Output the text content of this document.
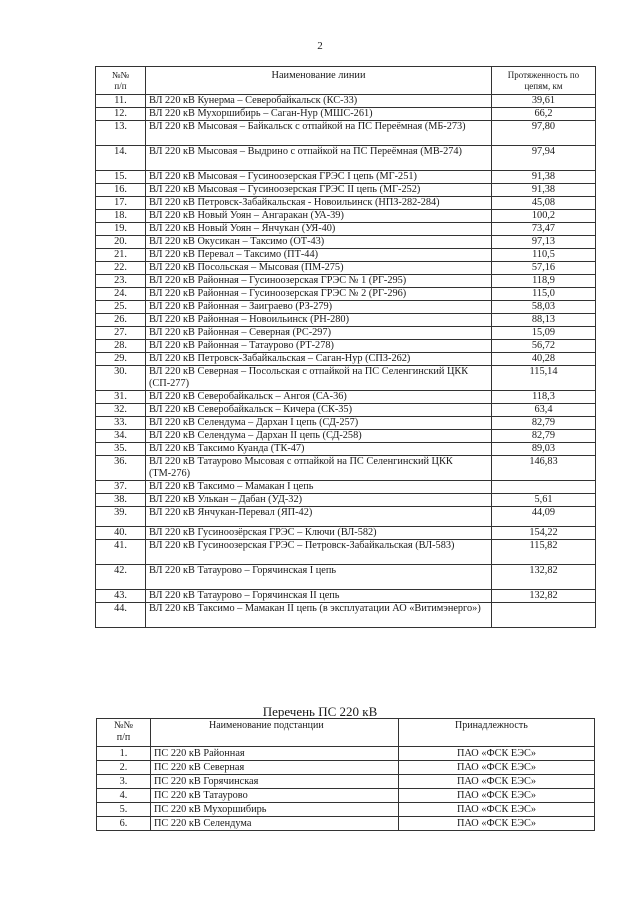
2
№№
п/п	Наименование линии	Протяженность по цепям, км
11.	ВЛ 220 кВ Кунерма – Северобайкальск (КС-33)	39,61
12.	ВЛ 220 кВ Мухоршибирь – Саган-Нур (МШС-261)	66,2
13.	ВЛ 220 кВ Мысовая – Байкальск с отпайкой на ПС Переёмная (МБ-273)	97,80
14.	ВЛ 220 кВ Мысовая – Выдрино с отпайкой на ПС Переёмная (МВ-274)	97,94
15.	ВЛ 220 кВ Мысовая – Гусиноозерская ГРЭС I цепь (МГ-251)	91,38
16.	ВЛ 220 кВ Мысовая – Гусиноозерская ГРЭС II цепь (МГ-252)	91,38
17.	ВЛ 220 кВ Петровск-Забайкальская - Новоильинск (НПЗ-282-284)	45,08
18.	ВЛ 220 кВ Новый Уоян – Ангаракан (УА-39)	100,2
19.	ВЛ 220 кВ Новый Уоян – Янчукан (УЯ-40)	73,47
20.	ВЛ 220 кВ Окусикан – Таксимо (ОТ-43)	97,13
21.	ВЛ 220 кВ Перевал – Таксимо (ПТ-44)	110,5
22.	ВЛ 220 кВ Посольская – Мысовая (ПМ-275)	57,16
23.	ВЛ 220 кВ Районная – Гусиноозерская ГРЭС № 1 (РГ-295)	118,9
24.	ВЛ 220 кВ Районная – Гусиноозерская ГРЭС № 2 (РГ-296)	115,0
25.	ВЛ 220 кВ Районная – Заиграево (РЗ-279)	58,03
26.	ВЛ 220 кВ Районная – Новоильинск (РН-280)	88,13
27.	ВЛ 220 кВ Районная – Северная (РС-297)	15,09
28.	ВЛ 220 кВ Районная – Татаурово (РТ-278)	56,72
29.	ВЛ 220 кВ Петровск-Забайкальская – Саган-Нур (СПЗ-262)	40,28
30.	ВЛ 220 кВ Северная – Посольская с отпайкой на ПС Селенгинский ЦКК (СП-277)	115,14
31.	ВЛ 220 кВ Северобайкальск – Ангоя (СА-36)	118,3
32.	ВЛ 220 кВ Северобайкальск – Кичера (СК-35)	63,4
33.	ВЛ 220 кВ Селендума – Дархан I цепь (СД-257)	82,79
34.	ВЛ 220 кВ Селендума – Дархан II цепь (СД-258)	82,79
35.	ВЛ 220 кВ Таксимо Куанда (ТК-47)	89,03
36.	ВЛ 220 кВ Татаурово Мысовая с отпайкой на ПС Селенгинский ЦКК (ТМ-276)	146,83
37.	ВЛ 220 кВ Таксимо – Мамакан I цепь	
38.	ВЛ 220 кВ Улькан – Дабан (УД-32)	5,61
39.	ВЛ 220 кВ Янчукан-Перевал (ЯП-42)	44,09
40.	ВЛ 220 кВ Гусиноозёрская ГРЭС – Ключи (ВЛ-582)	154,22
41.	ВЛ 220 кВ Гусиноозерская ГРЭС – Петровск-Забайкальская (ВЛ-583)	115,82
42.	ВЛ 220 кВ Татаурово – Горячинская I цепь	132,82
43.	ВЛ 220 кВ Татаурово – Горячинская II цепь	132,82
44.	ВЛ 220 кВ Таксимо – Мамакан II цепь (в эксплуатации АО «Витимэнерго»)	
Перечень ПС 220 кВ
№№
п/п	Наименование подстанции	Принадлежность
1.	ПС 220 кВ Районная	ПАО «ФСК ЕЭС»
2.	ПС 220 кВ Северная	ПАО «ФСК ЕЭС»
3.	ПС 220 кВ Горячинская	ПАО «ФСК ЕЭС»
4.	ПС 220 кВ Татаурово	ПАО «ФСК ЕЭС»
5.	ПС 220 кВ Мухоршибирь	ПАО «ФСК ЕЭС»
6.	ПС 220 кВ Селендума	ПАО «ФСК ЕЭС»
